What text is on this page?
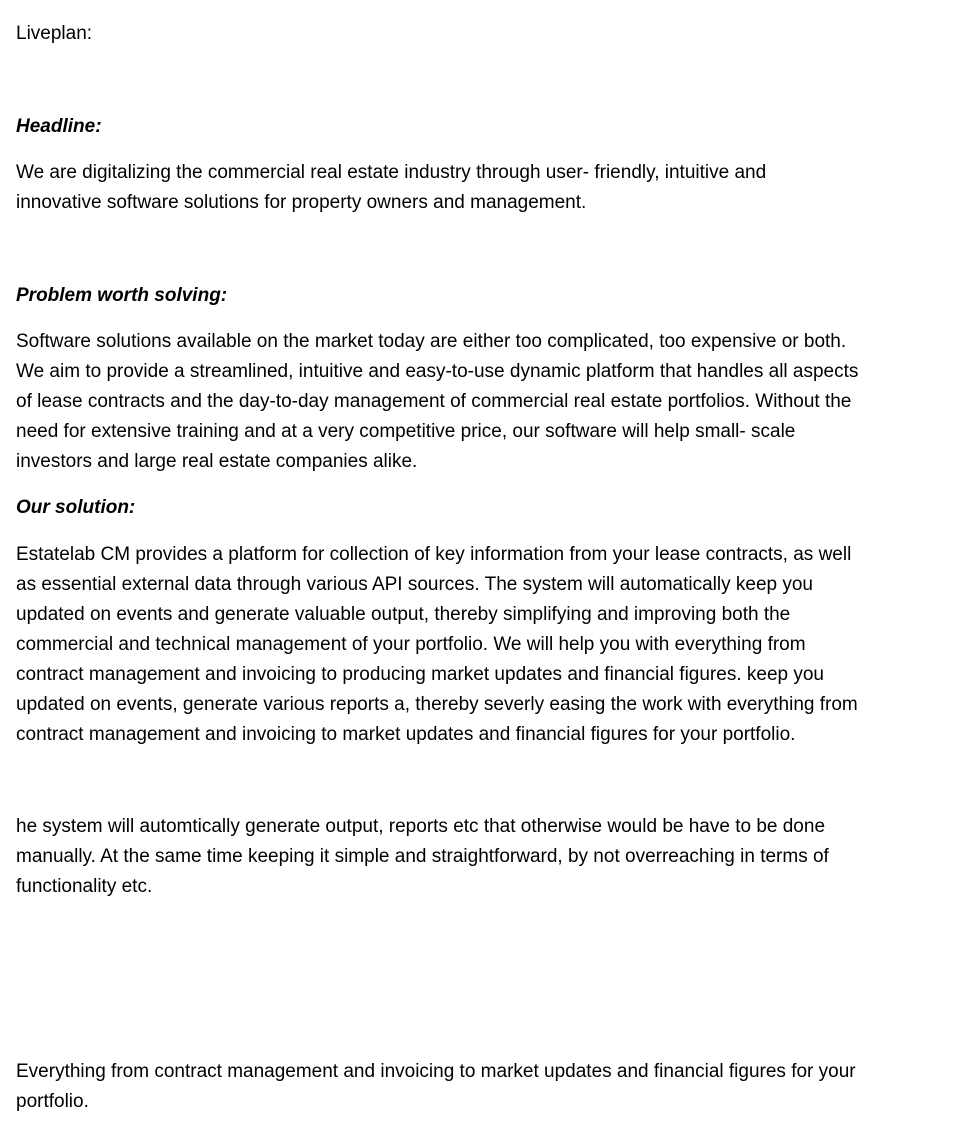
Liveplan:

Headline:

We are digitalizing the commercial real estate industry through user- friendly, intuitive and
innovative software solutions for property owners and management.

Problem worth solving:

Software solutions available on the market today are either too complicated, too expensive or both.
We aim to provide a streamlined, intuitive and easy-to-use dynamic platform that handles all aspects
of lease contracts and the day-to-day management of commercial real estate portfolios. Without the
need for extensive training and at a very competitive price, our software will help small- scale
investors and large real estate companies alike.

Our solution:

Estatelab CM provides a platform for collection of key information from your lease contracts, as well
as essential external data through various API sources. The system will automatically keep you
updated on events and generate valuable output, thereby simplifying and improving both the
commercial and technical management of your portfolio. We will help you with everything from
contract management and invoicing to producing market updates and financial figures. keep you
updated on events, generate various reports a, thereby severly easing the work with everything from
contract management and invoicing to market updates and financial figures for your portfolio.
he system will automtically generate output, reports etc that otherwise would be have to be done
manually. At the same time keeping it simple and straightforward, by not overreaching in terms of
functionality etc.
Everything from contract management and invoicing to market updates and financial figures for your
portfolio.
